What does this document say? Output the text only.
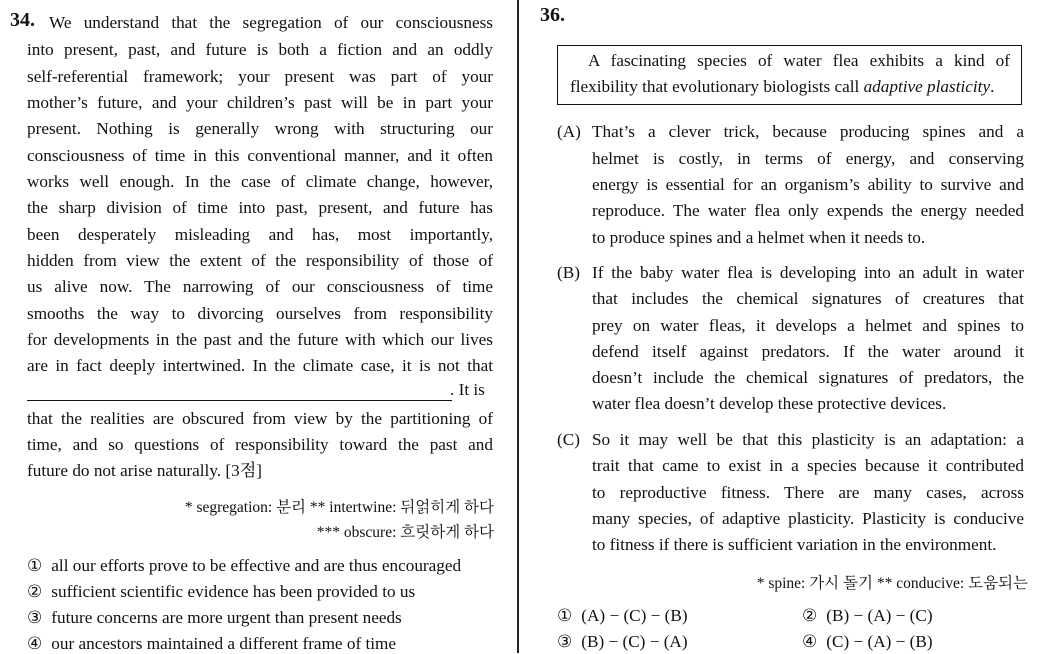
34. We understand that the segregation of our consciousness
into present, past, and future is both a fiction and an oddly
self-referential framework; your present was part of your
mother’s future, and your children’s past will be in part your
present. Nothing is generally wrong with structuring our
consciousness of time in this conventional manner, and it often
works well enough. In the case of climate change, however,
the sharp division of time into past, present, and future has
been desperately misleading and has, most importantly,
hidden from view the extent of the responsibility of those of
us alive now. The narrowing of our consciousness of time
smooths the way to divorcing ourselves from responsibility
for developments in the past and the future with which our lives
are in fact deeply intertwined. In the climate case, it is not that
. It is
that the realities are obscured from view by the partitioning of
time, and so questions of responsibility toward the past and
future do not arise naturally. [3점]
* segregation: 분리 ** intertwine: 뒤얽히게 하다
*** obscure: 흐릿하게 하다
① all our efforts prove to be effective and are thus encouraged
② sufficient scientific evidence has been provided to us
③ future concerns are more urgent than present needs
④ our ancestors maintained a different frame of time
36.
A fascinating species of water flea exhibits a kind of
flexibility that evolutionary biologists call adaptive plasticity.
(A) That’s a clever trick, because producing spines and a
helmet is costly, in terms of energy, and conserving
energy is essential for an organism’s ability to survive and
reproduce. The water flea only expends the energy needed
to produce spines and a helmet when it needs to.
(B) If the baby water flea is developing into an adult in water
that includes the chemical signatures of creatures that
prey on water fleas, it develops a helmet and spines to
defend itself against predators. If the water around it
doesn’t include the chemical signatures of predators, the
water flea doesn’t develop these protective devices.
(C) So it may well be that this plasticity is an adaptation: a
trait that came to exist in a species because it contributed
to reproductive fitness. There are many cases, across
many species, of adaptive plasticity. Plasticity is conducive
to fitness if there is sufficient variation in the environment.
* spine: 가시 돌기 ** conducive: 도움되는
① (A) − (C) − (B)	② (B) − (A) − (C)
③ (B) − (C) − (A)	④ (C) − (A) − (B)
